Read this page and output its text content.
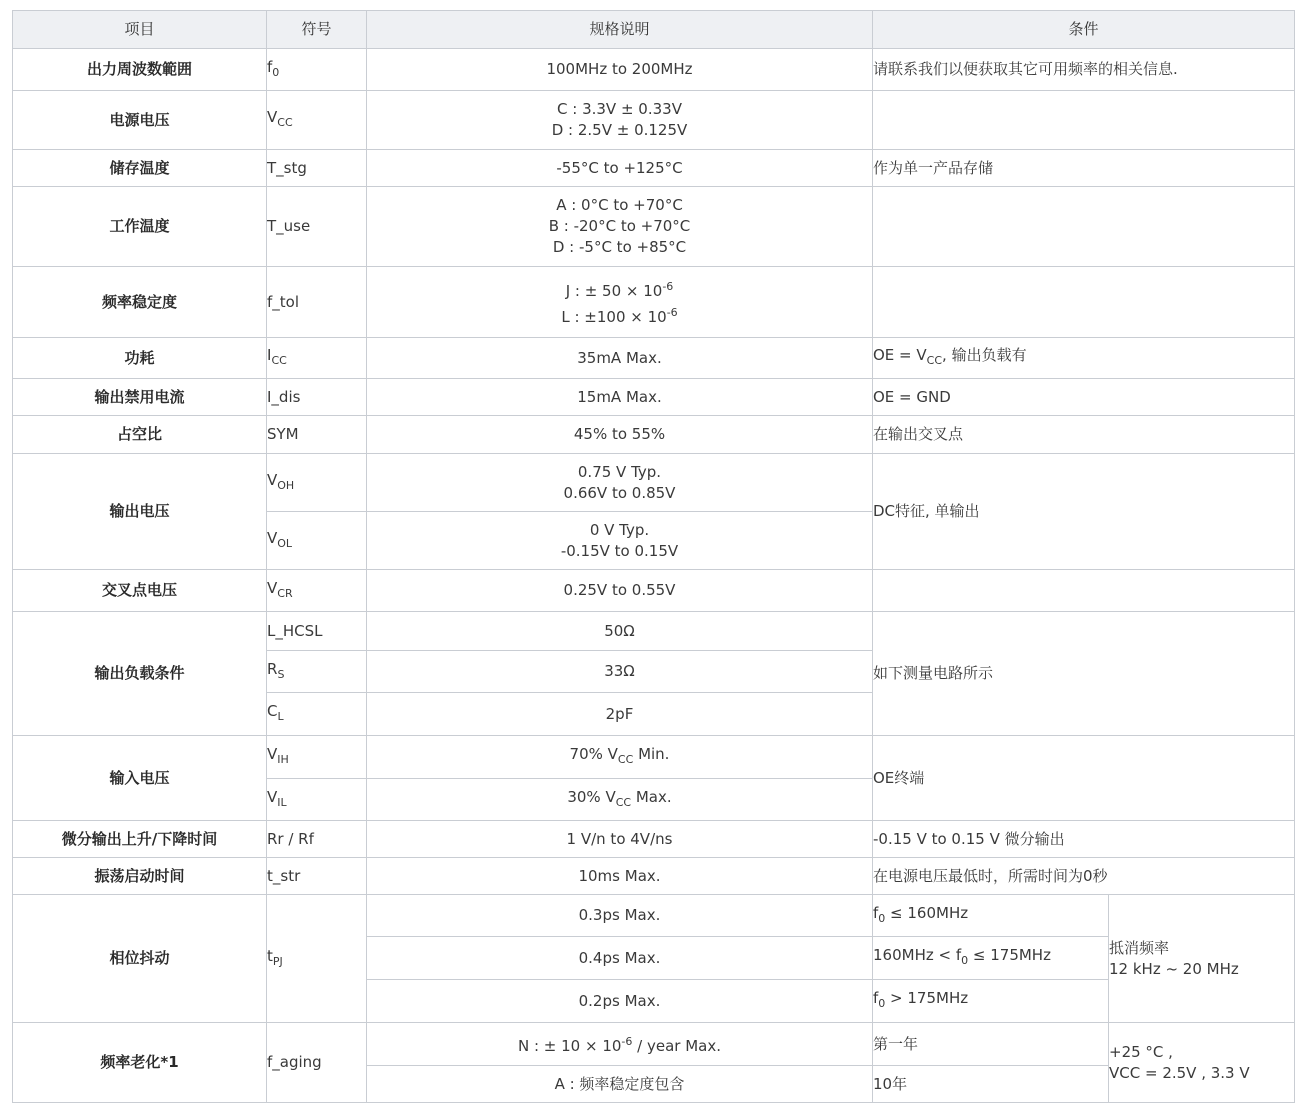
项目	符号	规格说明	条件	
出力周波数範囲	$f_0$	100MHz to 200MHz	请联系我们以便获取其它可用频率的相关信息.	
电源电压	$V_{CC}$	C : 3.3V ± 0.33V
D : 2.5V ± 0.125V		

储存温度	T_stg	-55°C to +125°C	作为单一产品存储	
工作温度	T_use	A : 0°C to +70°C
B : -20°C to +70°C
D : -5°C to +85°C		

频率稳定度	f_tol	J : ± $50 \times 10^{-6}$
L : $\pm 100 \times 10^{-6}$

功耗	$I_{CC}$	35mA Max.	OE = $V_{CC}$, 输出负载有	
输出禁用电流	I_dis	15mA Max.	OE = GND	
占空比	SYM	45% to 55%	在输出交叉点	
输出电压	$V_{OH}$	0.75 V Typ.
0.66V to 0.85V	DC特征, 单输出	
	$V_{OL}$	0 V Typ.
-0.15V to 0.15V		

交叉点电压	$V_{CR}$	0.25V to 0.55V		
输出负载条件	L_HCSL	50Ω	如下测量电路所示	
	$R_S$	33Ω		
	$C_L$	2pF		
输入电压	$V_{IH}$	70% $V_{CC}$ Min.	OE终端	
	$V_{IL}$	30% $V_{CC}$ Max.		
微分输出上升/下降时间	Rr / Rf	1 V/n to 4V/ns	-0.15 V to 0.15 V 微分输出	
振荡启动时间	t_str	10ms Max.	在电源电压最低时，所需时间为0秒	
相位抖动	$t_{PJ}$	0.3ps Max.	$f_0 \le 160MHz$	抵消频率
12 kHz ~ 20 MHz

		0.4ps Max.	$160MHz < f_0 \le 175MHz$	
		0.2ps Max.	$f_0 > 175MHz$	
频率老化*1	f_aging	N : ± $10 \times 10^{-6}$ / year Max.	第一年	+25 °C ,
VCC = 2.5V , 3.3 V

		A : 频率稳定度包含	10年	
